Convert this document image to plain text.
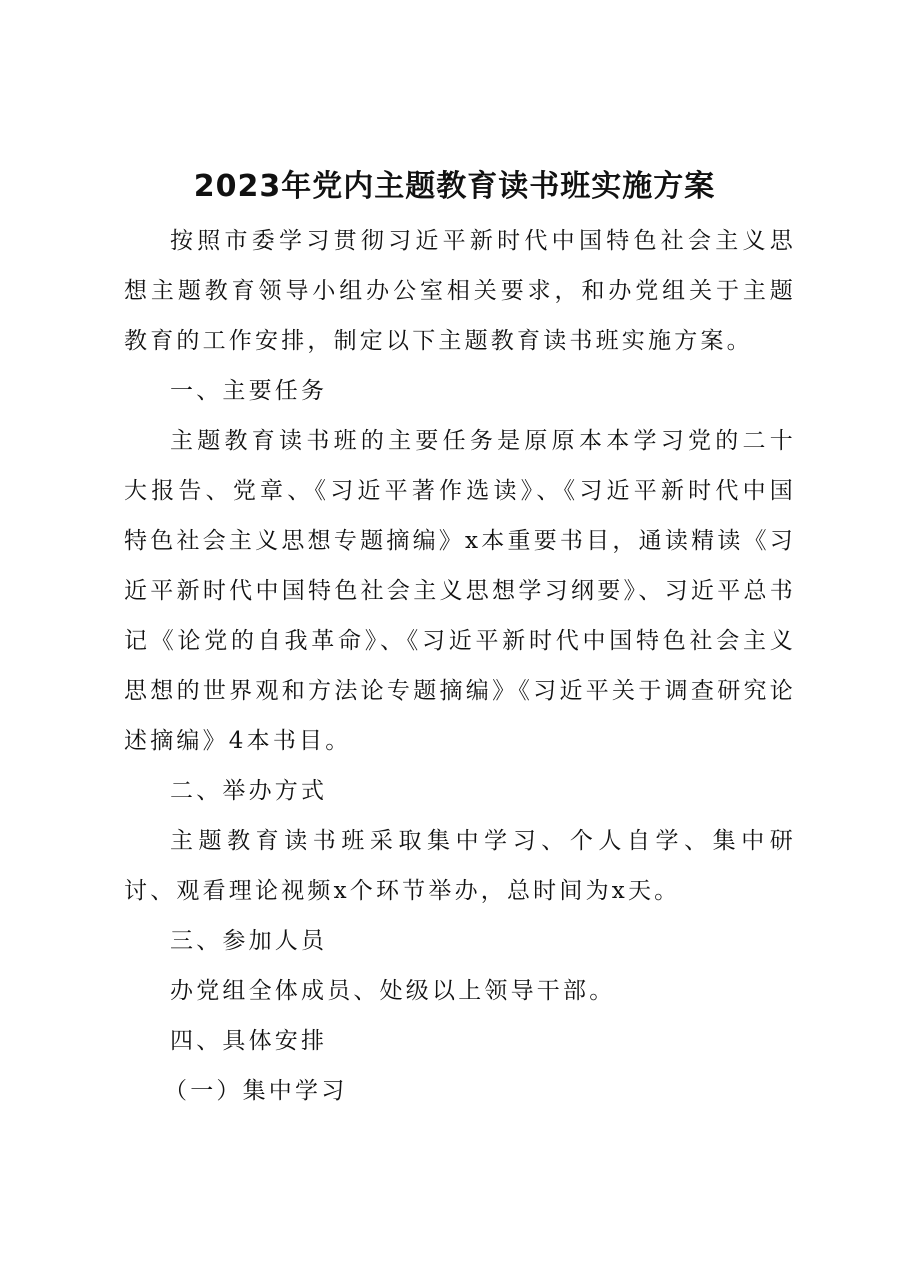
2023年党内主题教育读书班实施方案

按照市委学习贯彻习近平新时代中国特色社会主义思想主题教育领导小组办公室相关要求，和办党组关于主题教育的工作安排，制定以下主题教育读书班实施方案。

一、主要任务

主题教育读书班的主要任务是原原本本学习党的二十大报告、党章、《习近平著作选读》、《习近平新时代中国特色社会主义思想专题摘编》x本重要书目，通读精读《习近平新时代中国特色社会主义思想学习纲要》、习近平总书记《论党的自我革命》、《习近平新时代中国特色社会主义思想的世界观和方法论专题摘编》《习近平关于调查研究论述摘编》4本书目。

二、举办方式

主题教育读书班采取集中学习、个人自学、集中研讨、观看理论视频x个环节举办，总时间为x天。

三、参加人员

办党组全体成员、处级以上领导干部。

四、具体安排

（一）集中学习
